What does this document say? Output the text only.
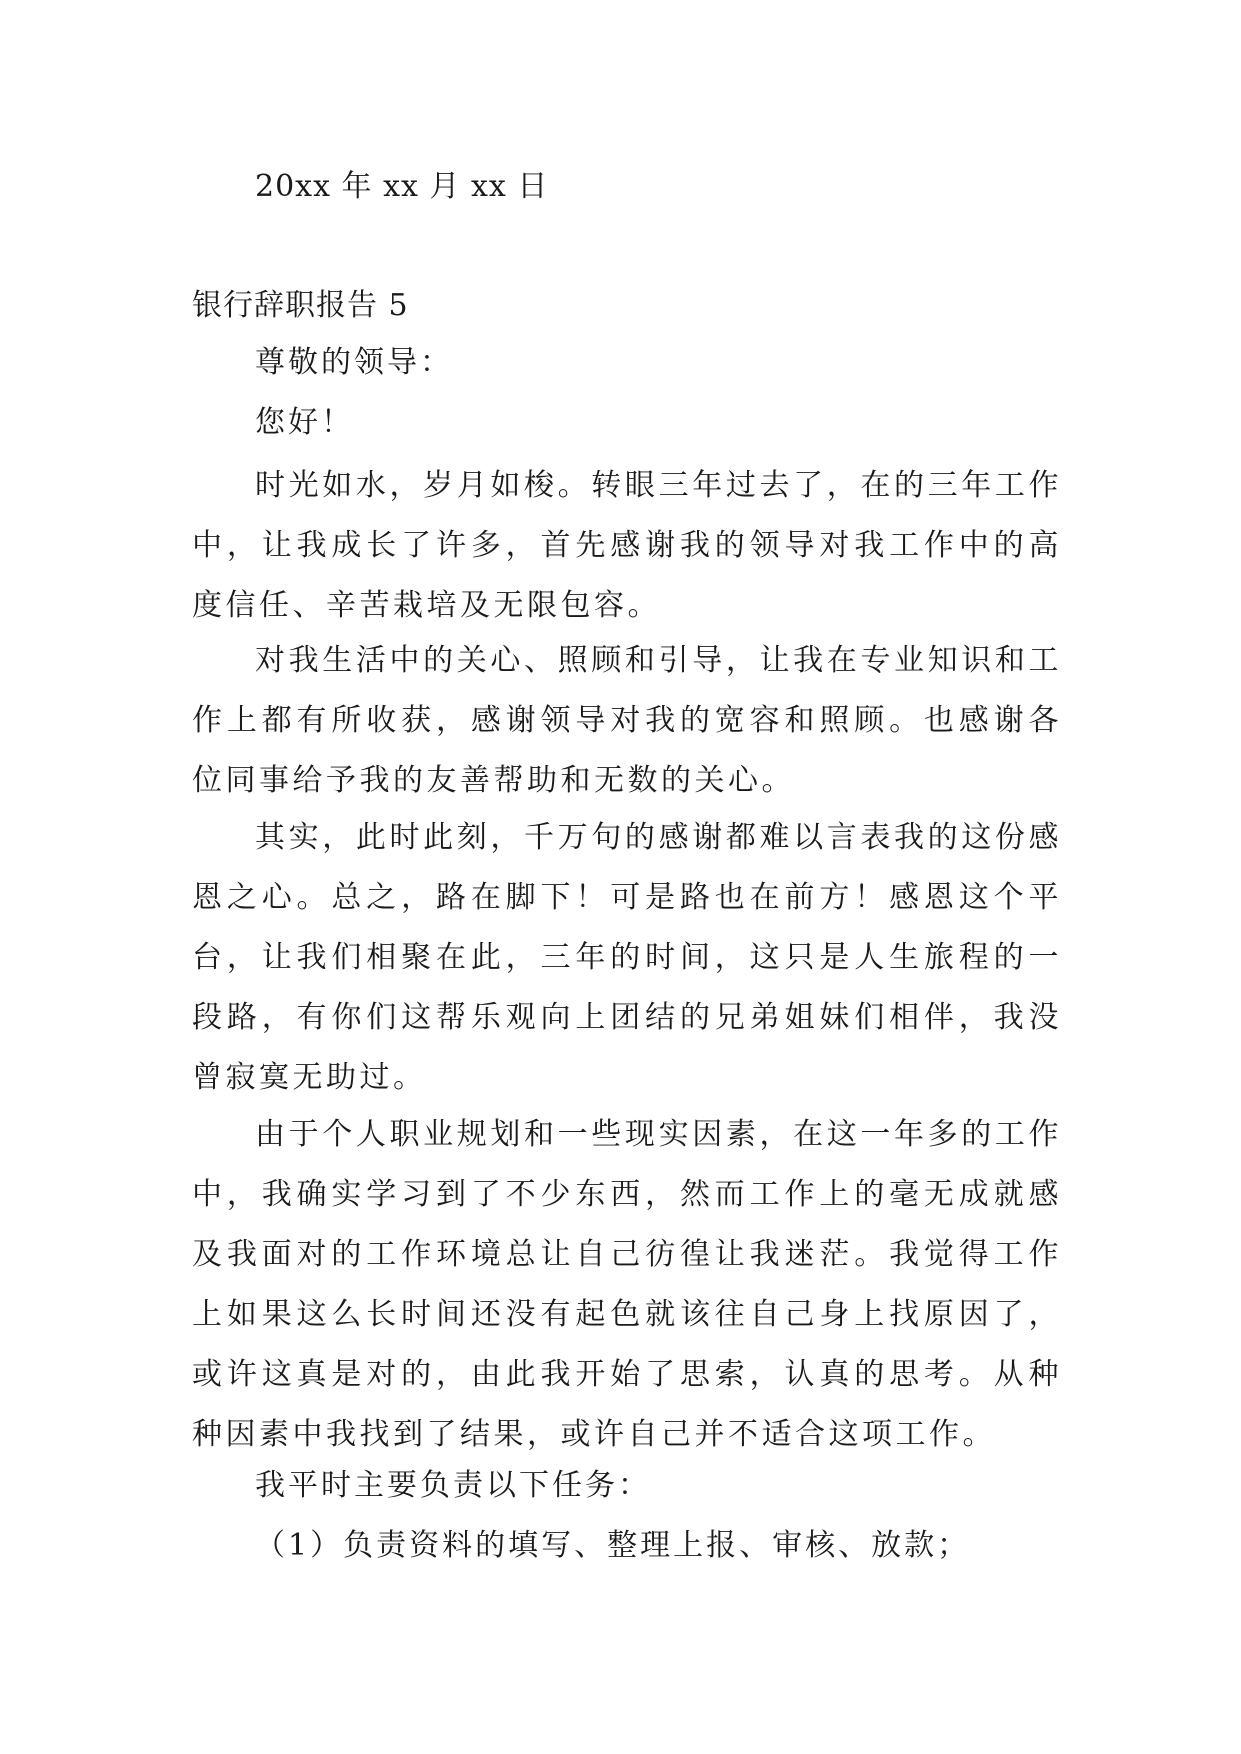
20xx 年 xx 月 xx 日
银行辞职报告 5
尊敬的领导：
您好！
时光如水，岁月如梭。转眼三年过去了，在的三年工作中，让我成长了许多，首先感谢我的领导对我工作中的高度信任、辛苦栽培及无限包容。
对我生活中的关心、照顾和引导，让我在专业知识和工作上都有所收获，感谢领导对我的宽容和照顾。也感谢各位同事给予我的友善帮助和无数的关心。
其实，此时此刻，千万句的感谢都难以言表我的这份感恩之心。总之，路在脚下！可是路也在前方！感恩这个平台，让我们相聚在此，三年的时间，这只是人生旅程的一段路，有你们这帮乐观向上团结的兄弟姐妹们相伴，我没曾寂寞无助过。
由于个人职业规划和一些现实因素，在这一年多的工作中，我确实学习到了不少东西，然而工作上的毫无成就感及我面对的工作环境总让自己彷徨让我迷茫。我觉得工作上如果这么长时间还没有起色就该往自己身上找原因了，或许这真是对的，由此我开始了思索，认真的思考。从种种因素中我找到了结果，或许自己并不适合这项工作。
我平时主要负责以下任务：
（1）负责资料的填写、整理上报、审核、放款；
